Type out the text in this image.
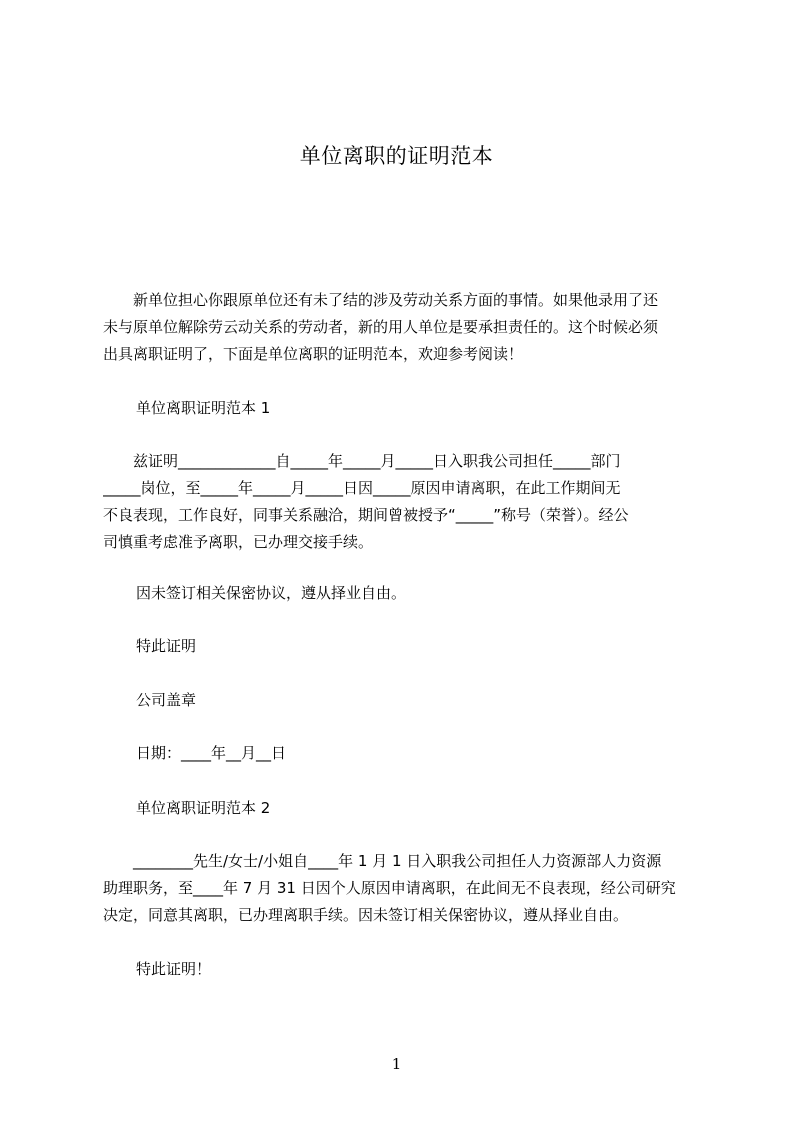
单位离职的证明范本
　　新单位担心你跟原单位还有未了结的涉及劳动关系方面的事情。如果他录用了还
未与原单位解除劳云动关系的劳动者，新的用人单位是要承担责任的。这个时候必须
出具离职证明了，下面是单位离职的证明范本，欢迎参考阅读！
单位离职证明范本 1
　　兹证明_____________自_____年_____月_____日入职我公司担任_____部门
_____岗位，至_____年_____月_____日因_____原因申请离职，在此工作期间无
不良表现，工作良好，同事关系融洽，期间曾被授予“_____”称号（荣誉）。经公
司慎重考虑准予离职，已办理交接手续。
因未签订相关保密协议，遵从择业自由。
特此证明
公司盖章
日期：____年__月__日
单位离职证明范本 2
　　________先生/女士/小姐自____年 1 月 1 日入职我公司担任人力资源部人力资源
助理职务，至____年 7 月 31 日因个人原因申请离职，在此间无不良表现，经公司研究
决定，同意其离职，已办理离职手续。因未签订相关保密协议，遵从择业自由。
特此证明！
1
